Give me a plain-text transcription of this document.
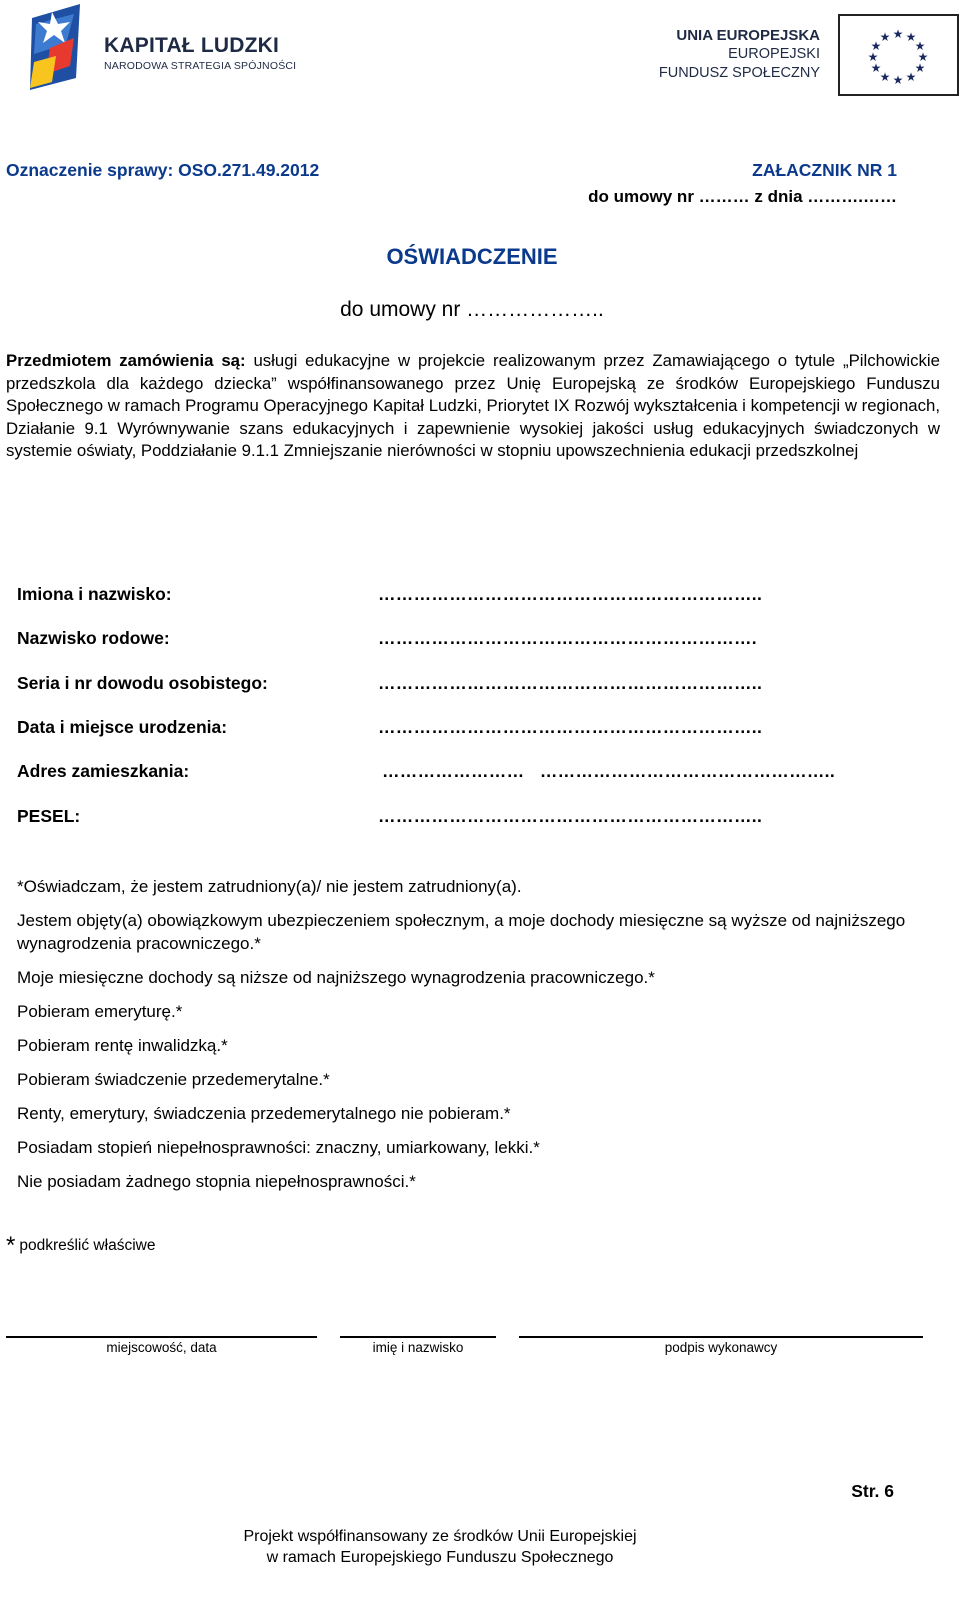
KAPITAŁ LUDZKI
NARODOWA STRATEGIA SPÓJNOŚCI
UNIA EUROPEJSKA
EUROPEJSKI
FUNDUSZ SPOŁECZNY
★ ★
★
★
★
★
★
★
★
★
★
★
Oznaczenie sprawy: OSO.271.49.2012	ZAŁACZNIK NR 1
do umowy nr ……… z dnia ……….……
OŚWIADCZENIE
do umowy nr ………………..
Przedmiotem zamówienia są: usługi edukacyjne w projekcie realizowanym przez Zamawiającego o tytule „Pilchowickie przedszkola dla każdego dziecka” współfinansowanego przez Unię Europejską ze środków Europejskiego Funduszu Społecznego w ramach Programu Operacyjnego Kapitał Ludzki, Priorytet IX Rozwój wykształcenia i kompetencji w regionach, Działanie 9.1 Wyrównywanie szans edukacyjnych i zapewnienie wysokiej jakości usług edukacyjnych świadczonych w systemie oświaty, Poddziałanie 9.1.1 Zmniejszanie nierówności w stopniu upowszechnienia edukacji przedszkolnej
Imiona i nazwisko:	………………………………………………………..
Nazwisko rodowe:	……………………………………………………….
Seria i nr dowodu osobistego:	………………………………………………………..
Data i miejsce urodzenia:	………………………………………………………..
Adres zamieszkania:	……………………   …………………………………………..
PESEL:	………………………………………………………..
*Oświadczam, że jestem zatrudniony(a)/ nie jestem zatrudniony(a).
Jestem objęty(a) obowiązkowym ubezpieczeniem społecznym, a moje dochody miesięczne są wyższe od najniższego wynagrodzenia pracowniczego.*
Moje miesięczne dochody są niższe od najniższego wynagrodzenia pracowniczego.*
Pobieram emeryturę.*
Pobieram rentę inwalidzką.*
Pobieram świadczenie przedemerytalne.*
Renty, emerytury, świadczenia przedemerytalnego nie pobieram.*
Posiadam stopień niepełnosprawności: znaczny, umiarkowany, lekki.*
Nie posiadam żadnego stopnia niepełnosprawności.*
* podkreślić właściwe
miejscowość, data	imię i nazwisko	podpis wykonawcy
Str. 6
Projekt współfinansowany ze środków Unii Europejskiej
w ramach Europejskiego Funduszu Społecznego
